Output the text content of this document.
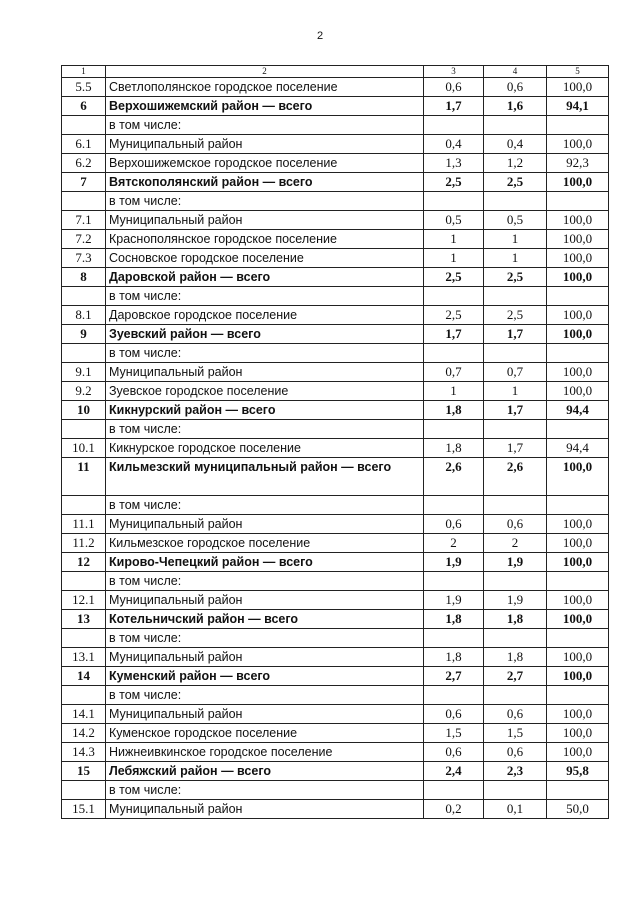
2
1	2	3	4	5
5.5	Светлополянское городское поселение	0,6	0,6	100,0
6	Верхошижемский район — всего	1,7	1,6	94,1
	в том числе:			
6.1	Муниципальный район	0,4	0,4	100,0
6.2	Верхошижемское городское поселение	1,3	1,2	92,3
7	Вятскополянский район — всего	2,5	2,5	100,0
	в том числе:			
7.1	Муниципальный район	0,5	0,5	100,0
7.2	Краснополянское городское поселение	1	1	100,0
7.3	Сосновское городское поселение	1	1	100,0
8	Даровской район — всего	2,5	2,5	100,0
	в том числе:			
8.1	Даровское городское поселение	2,5	2,5	100,0
9	Зуевский район — всего	1,7	1,7	100,0
	в том числе:			
9.1	Муниципальный район	0,7	0,7	100,0
9.2	Зуевское городское поселение	1	1	100,0
10	Кикнурский район — всего	1,8	1,7	94,4
	в том числе:			
10.1	Кикнурское городское поселение	1,8	1,7	94,4
11	Кильмезский муниципальный район — всего	2,6	2,6	100,0
	в том числе:			
11.1	Муниципальный район	0,6	0,6	100,0
11.2	Кильмезское городское поселение	2	2	100,0
12	Кирово-Чепецкий район — всего	1,9	1,9	100,0
	в том числе:			
12.1	Муниципальный район	1,9	1,9	100,0
13	Котельничский район — всего	1,8	1,8	100,0
	в том числе:			
13.1	Муниципальный район	1,8	1,8	100,0
14	Куменский район — всего	2,7	2,7	100,0
	в том числе:			
14.1	Муниципальный район	0,6	0,6	100,0
14.2	Куменское городское поселение	1,5	1,5	100,0
14.3	Нижнеивкинское городское поселение	0,6	0,6	100,0
15	Лебяжский район — всего	2,4	2,3	95,8
	в том числе:			
15.1	Муниципальный район	0,2	0,1	50,0
